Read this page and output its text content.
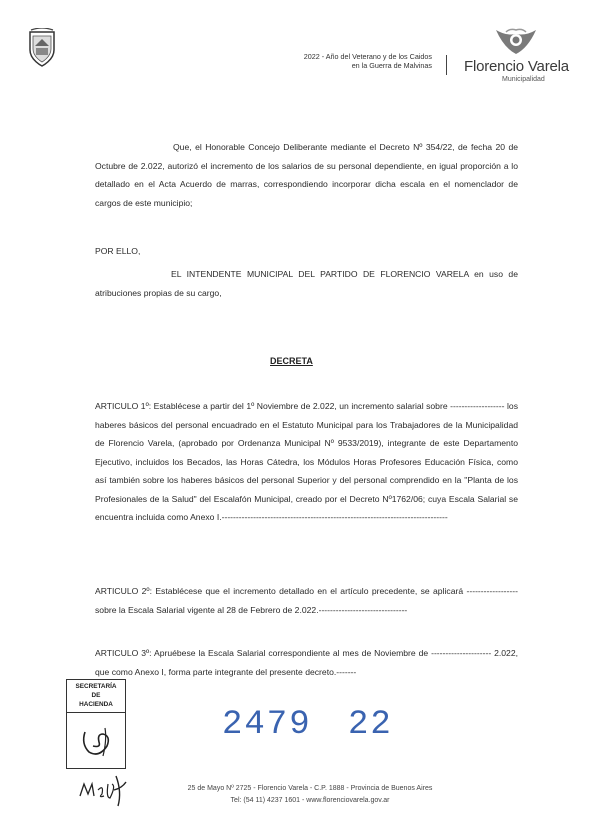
2022 - Año del Veterano y de los Caidos
en la Guerra de Malvinas Florencio Varela
Municipalidad

Que, el Honorable Concejo Deliberante mediante el Decreto Nº 354/22, de fecha 20 de Octubre de 2.022, autorizó el incremento de los salarios de su personal dependiente, en igual proporción a lo detallado en el Acta Acuerdo de marras, correspondiendo incorporar dicha escala en el nomenclador de cargos de este municipio;

POR ELLO,

EL INTENDENTE MUNICIPAL DEL PARTIDO DE FLORENCIO VARELA en uso de atribuciones propias de su cargo,

DECRETA

ARTICULO 1º: Establécese a partir del 1º Noviembre de 2.022, un incremento salarial sobre ------------------- los haberes básicos del personal encuadrado en el Estatuto Municipal para los Trabajadores de la Municipalidad de Florencio Varela, (aprobado por Ordenanza Municipal Nº 9533/2019), integrante de este Departamento Ejecutivo, incluidos los Becados, las Horas Cátedra, los Módulos Horas Profesores Educación Física, como así también sobre los haberes básicos del personal Superior y del personal comprendido en la "Planta de los Profesionales de la Salud" del Escalafón Municipal, creado por el Decreto Nº1762/06; cuya Escala Salarial se encuentra incluida como Anexo I.-------------------------------------------------------------------------------

ARTICULO 2º: Establécese que el incremento detallado en el artículo precedente, se aplicará ------------------ sobre la Escala Salarial vigente al 28 de Febrero de 2.022.-------------------------------

ARTICULO 3º: Apruébese la Escala Salarial correspondiente al mes de Noviembre de --------------------- 2.022, que como Anexo I, forma parte integrante del presente decreto.-------

SECRETARÍA
DE
HACIENDA
2479 22
25 de Mayo Nº 2725 - Florencio Varela - C.P. 1888 - Provincia de Buenos Aires
Tel: (54 11) 4237 1601 - www.florenciovarela.gov.ar
